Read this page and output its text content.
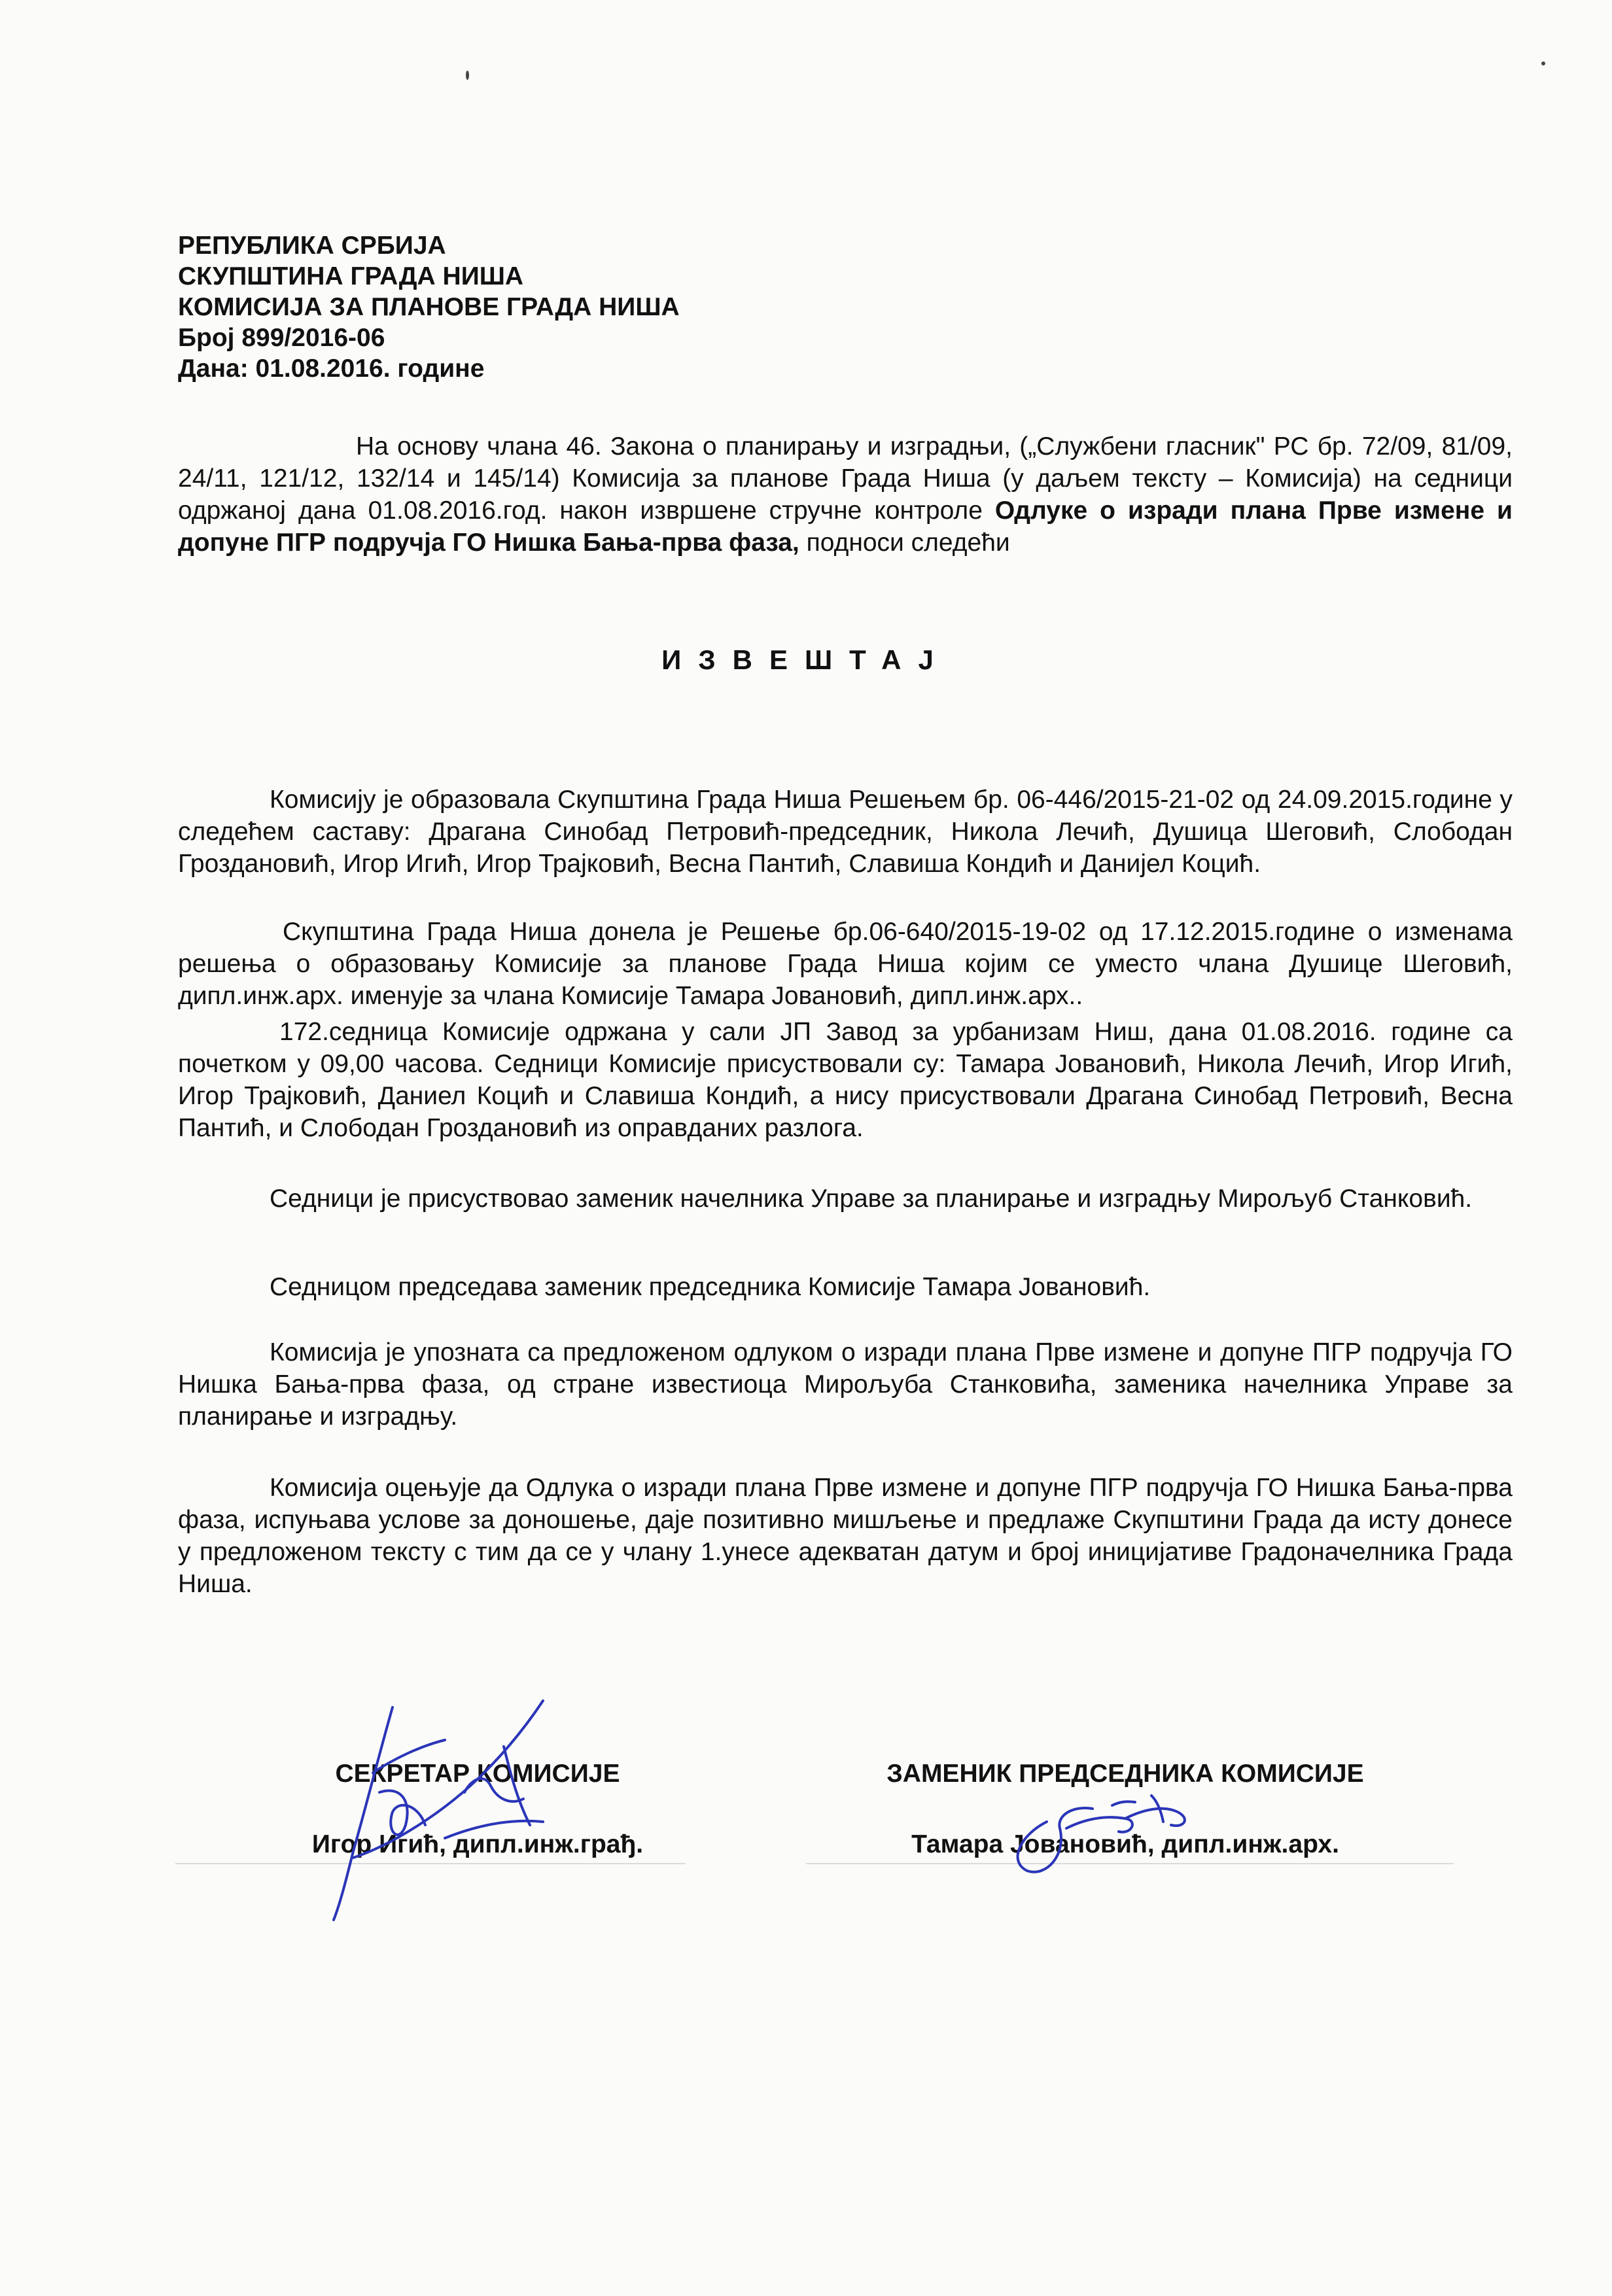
РЕПУБЛИКА СРБИЈА
СКУПШТИНА ГРАДА НИША
КОМИСИЈА ЗА ПЛАНОВЕ ГРАДА НИША
Број 899/2016-06
Дана: 01.08.2016. године
На основу члана 46. Закона о планирању и изградњи, („Службени гласник" РС бр. 72/09, 81/09, 24/11, 121/12, 132/14 и 145/14) Комисија за планове Града Ниша (у даљем тексту – Комисија) на седници одржаној дана 01.08.2016.год. након извршене стручне контроле Одлуке о изради плана Прве измене и допуне ПГР подручја ГО Нишка Бања-прва фаза, подноси следећи
ИЗВЕШТАЈ
Комисију је образовала Скупштина Града Ниша Решењем бр. 06-446/2015-21-02 од 24.09.2015.године у следећем саставу: Драгана Синобад Петровић-председник, Никола Лечић, Душица Шеговић, Слободан Гроздановић, Игор Игић, Игор Трајковић, Весна Пантић, Славиша Кондић и Данијел Коцић.
Скупштина Града Ниша донела је Решење бр.06-640/2015-19-02 од 17.12.2015.године о изменама решења о образовању Комисије за планове Града Ниша којим се уместо члана Душице Шеговић, дипл.инж.арх. именује за члана Комисије Тамара Јовановић, дипл.инж.арх..
172.седница Комисије одржана у сали ЈП Завод за урбанизам Ниш, дана 01.08.2016. године са почетком у 09,00 часова. Седници Комисије присуствовали су: Тамара Јовановић, Никола Лечић, Игор Игић, Игор Трајковић, Даниел Коцић и Славиша Кондић, а нису присуствовали Драгана Синобад Петровић, Весна Пантић, и Слободан Гроздановић из оправданих разлога.
Седници је присуствовао заменик начелника Управе за планирање и изградњу Мирољуб Станковић.
Седницом председава заменик председника Комисије Тамара Јовановић.
Комисија је упозната са предложеном одлуком о изради плана Прве измене и допуне ПГР подручја ГО Нишка Бања-прва фаза, од стране известиоца Мирољуба Станковића, заменика начелника Управе за планирање и изградњу.
Комисија оцењује да Одлука о изради плана Прве измене и допуне ПГР подручја ГО Нишка Бања-прва фаза, испуњава услове за доношење, даје позитивно мишљење и предлаже Скупштини Града да исту донесе у предложеном тексту с тим да се у члану 1.унесе адекватан датум и број иницијативе Градоначелника Града Ниша.
СЕКРЕТАР КОМИСИЈЕ
Игор Игић, дипл.инж.грађ.
ЗАМЕНИК ПРЕДСЕДНИКА КОМИСИЈЕ
Тамара Јовановић, дипл.инж.арх.
